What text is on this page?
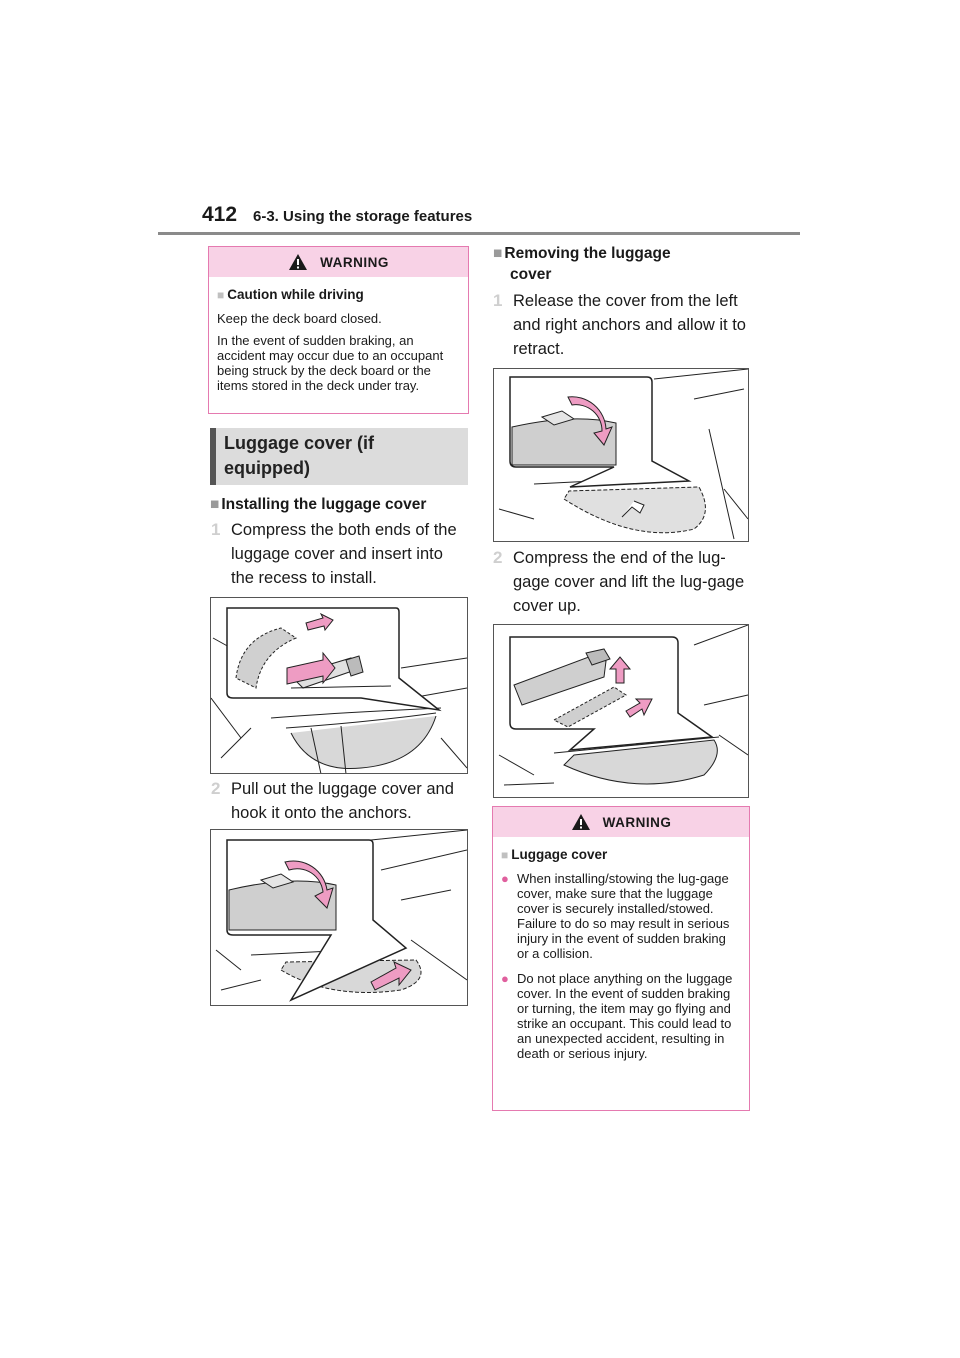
412 6-3. Using the storage features
WARNING
■ Caution while driving

Keep the deck board closed.

In the event of sudden braking, an accident may occur due to an occupant being struck by the deck board or the items stored in the deck under tray.

Luggage cover (if
equipped)
■ Installing the luggage cover
1 Compress the both ends of the luggage cover and insert into the recess to install.
2 Pull out the luggage cover and hook it onto the anchors.
■ Removing the luggage
cover
1 Release the cover from the left and right anchors and allow it to retract.
2 Compress the end of the lug-gage cover and lift the lug-gage cover up.
WARNING
■ Luggage cover
● When installing/stowing the lug-gage cover, make sure that the luggage cover is securely installed/stowed. Failure to do so may result in serious injury in the event of sudden braking or a collision.
● Do not place anything on the luggage cover. In the event of sudden braking or turning, the item may go flying and strike an occupant. This could lead to an unexpected accident, resulting in death or serious injury.
